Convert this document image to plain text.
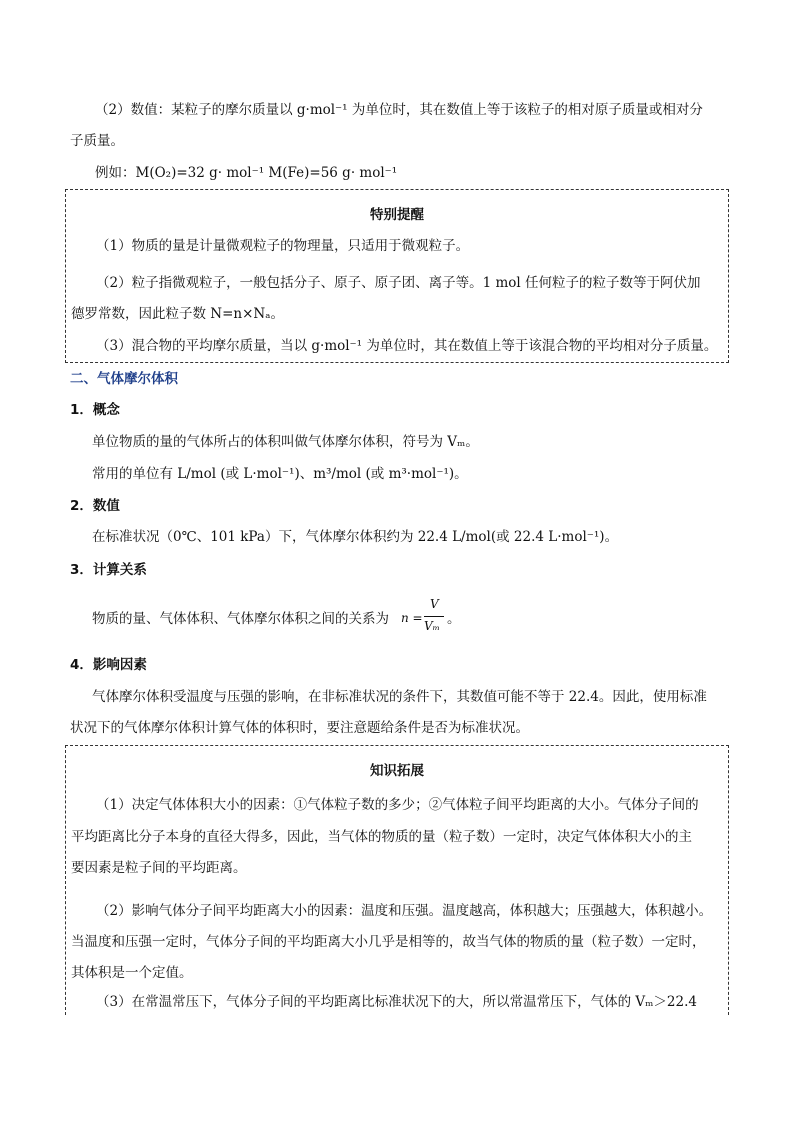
（2）数值：某粒子的摩尔质量以 g·mol⁻¹ 为单位时，其在数值上等于该粒子的相对原子质量或相对分
子质量。
例如：M(O₂)=32 g· mol⁻¹ M(Fe)=56 g· mol⁻¹
特别提醒
（1）物质的量是计量微观粒子的物理量，只适用于微观粒子。
（2）粒子指微观粒子，一般包括分子、原子、原子团、离子等。1 mol 任何粒子的粒子数等于阿伏加
德罗常数，因此粒子数 N=n×Nₐ。
（3）混合物的平均摩尔质量，当以 g·mol⁻¹ 为单位时，其在数值上等于该混合物的平均相对分子质量。
二、气体摩尔体积
1．概念
单位物质的量的气体所占的体积叫做气体摩尔体积，符号为 Vₘ。
常用的单位有 L/mol (或 L·mol⁻¹)、m³/mol (或 m³·mol⁻¹)。
2．数值
在标准状况（0℃、101 kPa）下，气体摩尔体积约为 22.4 L/mol(或 22.4 L·mol⁻¹)。
3．计算关系
物质的量、气体体积、气体摩尔体积之间的关系为 n =
V
Vₘ 。
4．影响因素
气体摩尔体积受温度与压强的影响，在非标准状况的条件下，其数值可能不等于 22.4。因此，使用标准
状况下的气体摩尔体积计算气体的体积时，要注意题给条件是否为标准状况。
知识拓展
（1）决定气体体积大小的因素：①气体粒子数的多少；②气体粒子间平均距离的大小。气体分子间的
平均距离比分子本身的直径大得多，因此，当气体的物质的量（粒子数）一定时，决定气体体积大小的主
要因素是粒子间的平均距离。
（2）影响气体分子间平均距离大小的因素：温度和压强。温度越高，体积越大；压强越大，体积越小。
当温度和压强一定时，气体分子间的平均距离大小几乎是相等的，故当气体的物质的量（粒子数）一定时，
其体积是一个定值。
（3）在常温常压下，气体分子间的平均距离比标准状况下的大，所以常温常压下，气体的 Vₘ＞22.4
